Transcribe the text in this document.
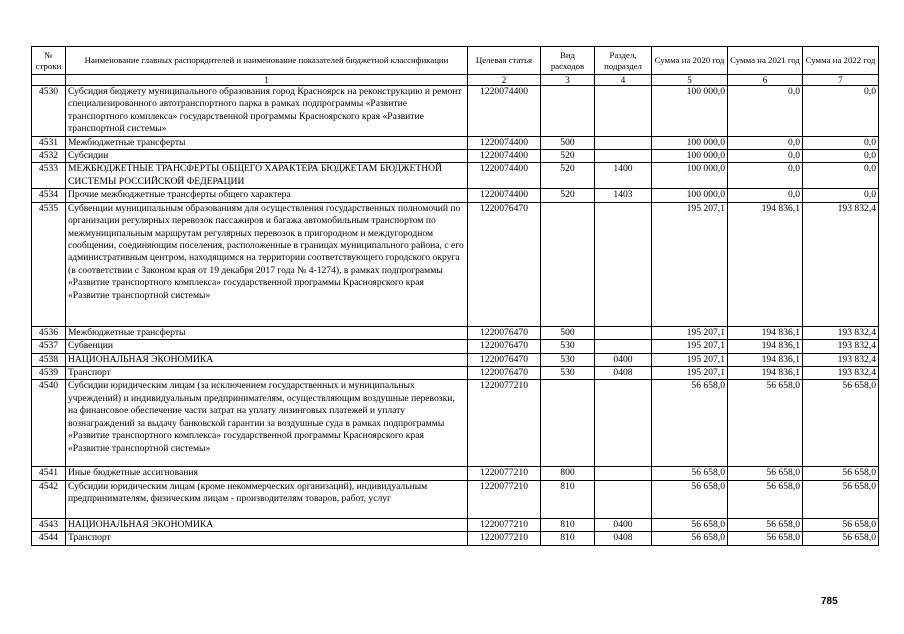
№ строки	Наименование главных распорядителей и наименование показателей бюджетной классификации	Целевая статья	Вид расходов	Раздел, подраздел	Сумма на 2020 год	Сумма на 2021 год	Сумма на 2022 год
	1	2	3	4	5	6	7
4530	Субсидия бюджету муниципального образования город Красноярск на реконструкцию и ремонт специализированного автотранспортного парка в рамках подпрограммы «Развитие транспортного комплекса» государственной программы Красноярского края «Развитие транспортной системы»	1220074400			100 000,0	0,0	0,0
4531	Межбюджетные трансферты	1220074400	500		100 000,0	0,0	0,0
4532	Субсидии	1220074400	520		100 000,0	0,0	0,0
4533	МЕЖБЮДЖЕТНЫЕ ТРАНСФЕРТЫ ОБЩЕГО ХАРАКТЕРА БЮДЖЕТАМ БЮДЖЕТНОЙ СИСТЕМЫ РОССИЙСКОЙ ФЕДЕРАЦИИ	1220074400	520	1400	100 000,0	0,0	0,0
4534	Прочие межбюджетные трансферты общего характера	1220074400	520	1403	100 000,0	0,0	0,0
4535	Субвенции муниципальным образованиям для осуществления государственных полномочий по организации регулярных перевозок пассажиров и багажа автомобильным транспортом по межмуниципальным маршрутам регулярных перевозок в пригородном и междугородном сообщении, соединяющим поселения, расположенные в границах муниципального района, с его административным центром, находящимся на территории соответствующего городского округа (в соответствии с Законом края от 19 декабря 2017 года № 4-1274), в рамках подпрограммы «Развитие транспортного комплекса» государственной программы Красноярского края «Развитие транспортной системы»	1220076470			195 207,1	194 836,1	193 832,4
4536	Межбюджетные трансферты	1220076470	500		195 207,1	194 836,1	193 832,4
4537	Субвенции	1220076470	530		195 207,1	194 836,1	193 832,4
4538	НАЦИОНАЛЬНАЯ ЭКОНОМИКА	1220076470	530	0400	195 207,1	194 836,1	193 832,4
4539	Транспорт	1220076470	530	0408	195 207,1	194 836,1	193 832,4
4540	Субсидии юридическим лицам (за исключением государственных и муниципальных учреждений) и индивидуальным предпринимателям, осуществляющим воздушные перевозки, на финансовое обеспечение части затрат на уплату лизинговых платежей и уплату вознаграждений за выдачу банковской гарантии за воздушные суда в рамках подпрограммы «Развитие транспортного комплекса» государственной программы Красноярского края «Развитие транспортной системы»	1220077210			56 658,0	56 658,0	56 658,0
4541	Иные бюджетные ассигнования	1220077210	800		56 658,0	56 658,0	56 658,0
4542	Субсидии юридическим лицам (кроме некоммерческих организаций), индивидуальным предпринимателям, физическим лицам - производителям товаров, работ, услуг	1220077210	810		56 658,0	56 658,0	56 658,0
4543	НАЦИОНАЛЬНАЯ ЭКОНОМИКА	1220077210	810	0400	56 658,0	56 658,0	56 658,0
4544	Транспорт	1220077210	810	0408	56 658,0	56 658,0	56 658,0
785
